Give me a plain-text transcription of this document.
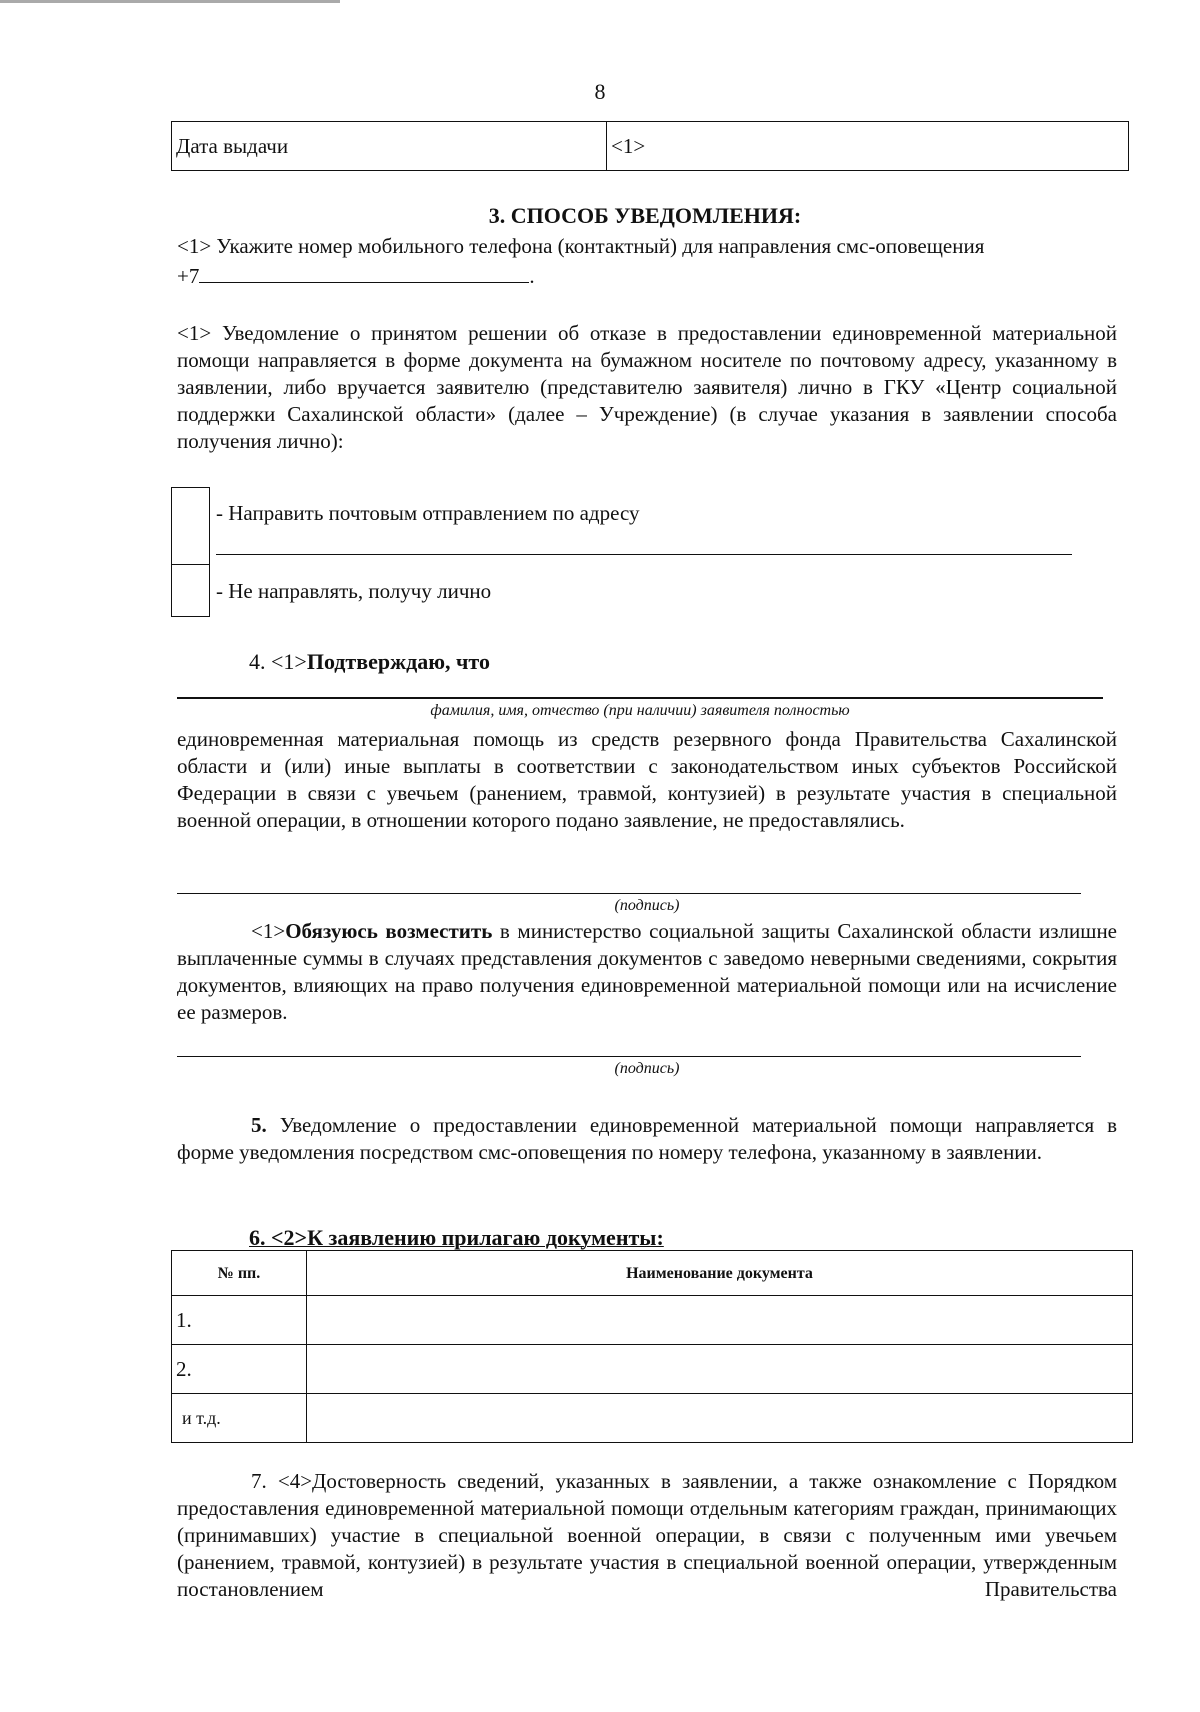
8
Дата выдачи	<1>
3. СПОСОБ УВЕДОМЛЕНИЯ:
<1> Укажите номер мобильного телефона (контактный) для направления смс-оповещения
+7	.
<1> Уведомление о принятом решении об отказе в предоставлении единовременной материальной помощи направляется в форме документа на бумажном носителе по почтовому адресу, указанному в заявлении, либо вручается заявителю (представителю заявителя) лично в ГКУ «Центр социальной поддержки Сахалинской области» (далее – Учреждение) (в случае указания в заявлении способа получения лично):
- Направить почтовым отправлением по адресу
- Не направлять, получу лично
4. <1>Подтверждаю, что
фамилия, имя, отчество (при наличии) заявителя полностью
единовременная материальная помощь из средств резервного фонда Правительства Сахалинской области и (или) иные выплаты в соответствии с законодательством иных субъектов Российской Федерации в связи с увечьем (ранением, травмой, контузией) в результате участия в специальной военной операции, в отношении которого подано заявление, не предоставлялись.
(подпись)
<1>Обязуюсь возместить в министерство социальной защиты Сахалинской области излишне выплаченные суммы в случаях представления документов с заведомо неверными сведениями, сокрытия документов, влияющих на право получения единовременной материальной помощи или на исчисление ее размеров.
(подпись)
5. Уведомление о предоставлении единовременной материальной помощи направляется в форме уведомления посредством смс-оповещения по номеру телефона, указанному в заявлении.
6. <2>К заявлению прилагаю документы:
№ пп.	Наименование документа
1.	
2.	
и т.д.	
7. <4>Достоверность сведений, указанных в заявлении, а также ознакомление с Порядком предоставления единовременной материальной помощи отдельным категориям граждан, принимающих (принимавших) участие в специальной военной операции, в связи с полученным ими увечьем (ранением, травмой, контузией) в результате участия в специальной военной операции, утвержденным постановлением Правительства
